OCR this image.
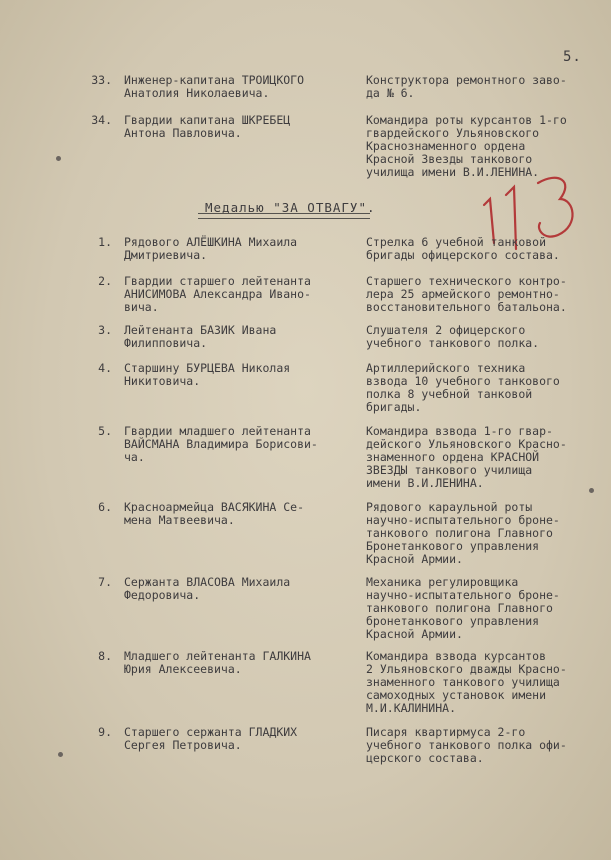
5.
33. Инженер-капитана ТРОИЦКОГО
Анатолия Николаевича.
Конструктора ремонтного заво-
да № 6.
34. Гвардии капитана ШКРЕБЕЦ
Антона Павловича.
Командира роты курсантов 1-го
гвардейского Ульяновского
Краснознаменного ордена
Красной Звезды танкового
училища имени В.И.ЛЕНИНА.
Медалью "ЗА ОТВАГУ".
1. Рядового АЛЁШКИНА Михаила
Дмитриевича.
Стрелка 6 учебной танковой
бригады офицерского состава.
2. Гвардии старшего лейтенанта
АНИСИМОВА Александра Ивано-
вича.
Старшего технического контро-
лера 25 армейского ремонтно-
восстановительного батальона.
3. Лейтенанта БАЗИК Ивана
Филипповича.
Слушателя 2 офицерского
учебного танкового полка.
4. Старшину БУРЦЕВА Николая
Никитовича.
Артиллерийского техника
взвода 10 учебного танкового
полка 8 учебной танковой
бригады.
5. Гвардии младшего лейтенанта
ВАЙСМАНА Владимира Борисови-
ча.
Командира взвода 1-го гвар-
дейского Ульяновского Красно-
знаменного ордена КРАСНОЙ
ЗВЕЗДЫ танкового училища
имени В.И.ЛЕНИНА.
6. Красноармейца ВАСЯКИНА Се-
мена Матвеевича.
Рядового караульной роты
научно-испытательного броне-
танкового полигона Главного
Бронетанкового управления
Красной Армии.
7. Сержанта ВЛАСОВА Михаила
Федоровича.
Механика регулировщика
научно-испытательного броне-
танкового полигона Главного
бронетанкового управления
Красной Армии.
8. Младшего лейтенанта ГАЛКИНА
Юрия Алексеевича.
Командира взвода курсантов
2 Ульяновского дважды Красно-
знаменного танкового училища
самоходных установок имени
М.И.КАЛИНИНА.
9. Старшего сержанта ГЛАДКИХ
Сергея Петровича.
Писаря квартирмуса 2-го
учебного танкового полка офи-
церского состава.
